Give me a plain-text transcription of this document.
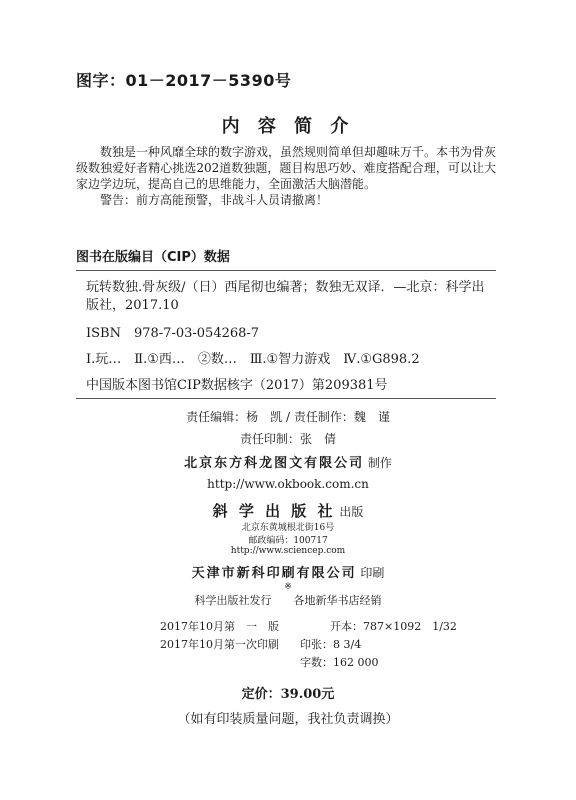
图字：01－2017－5390号
内 容 简 介

数独是一种风靡全球的数字游戏，虽然规则简单但却趣味万千。本书为骨灰级数独爱好者精心挑选202道数独题，题目构思巧妙、难度搭配合理，可以让大家边学边玩，提高自己的思维能力，全面激活大脑潜能。

警告：前方高能预警，非战斗人员请撤离！

图书在版编目（CIP）数据
玩转数独.骨灰级/（日）西尾彻也编著；数独无双译．—北京：科学出版社，2017.10
ISBN　978-7-03-054268-7
Ⅰ.玩…　Ⅱ.①西…　②数…　Ⅲ.①智力游戏　Ⅳ.①G898.2
中国版本图书馆CIP数据核字（2017）第209381号
责任编辑：杨　凯 / 责任制作：魏　谨
责任印制：张　倩
北京东方科龙图文有限公司 制作
http://www.okbook.com.cn
斜 学 出 版 社 出版
北京东黄城根北街16号
邮政编码：100717
http://www.sciencep.com
天津市新科印刷有限公司 印刷
※
科学出版社发行　　各地新华书店经销
2017年10月第　一　版	开本：787×1092　1/32
2017年10月第一次印刷 印张：8 3/4
字数：162 000
定价：39.00元
（如有印装质量问题，我社负责调换）
